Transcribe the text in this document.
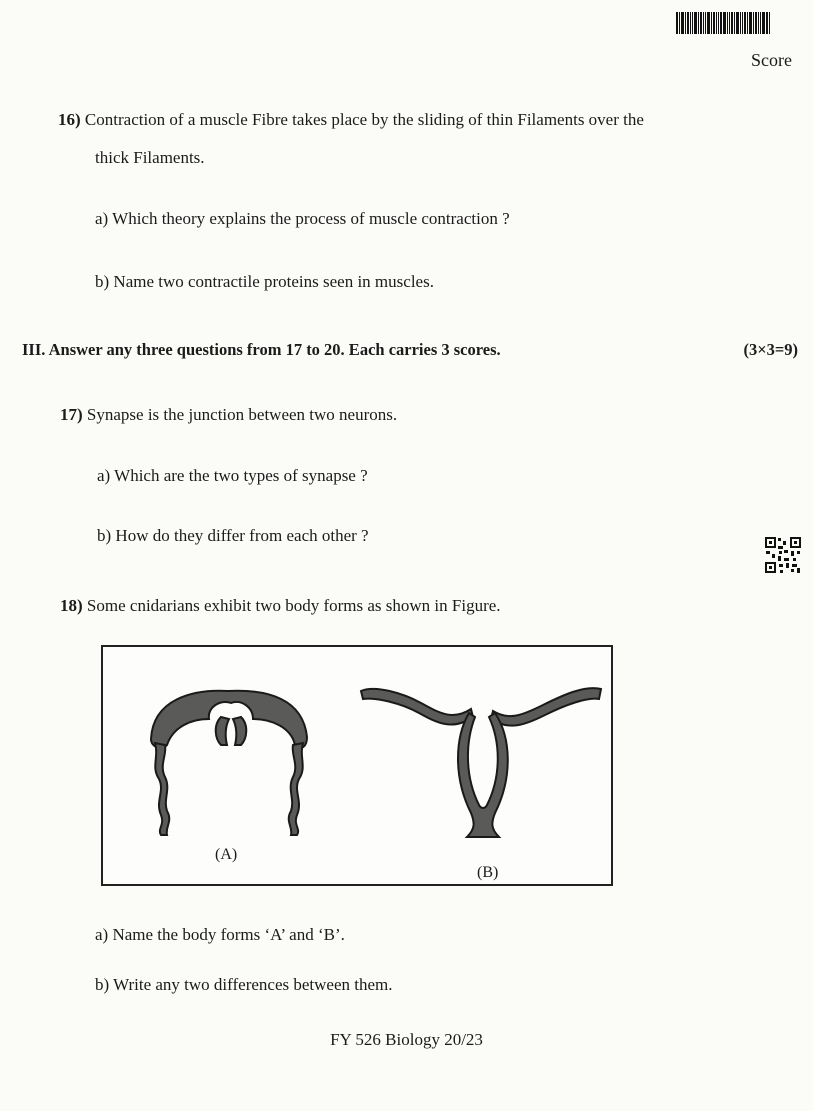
Score
16) Contraction of a muscle Fibre takes place by the sliding of thin Filaments over the
thick Filaments.
a) Which theory explains the process of muscle contraction ?
b) Name two contractile proteins seen in muscles.
III. Answer any three questions from 17 to 20. Each carries 3 scores.	(3×3=9)
17) Synapse is the junction between two neurons.
a) Which are the two types of synapse ?
b) How do they differ from each other ?
18) Some cnidarians exhibit two body forms as shown in Figure.
(A)
(B)
a) Name the body forms ‘A’ and ‘B’.
b) Write any two differences between them.
FY 526 Biology 20/23
